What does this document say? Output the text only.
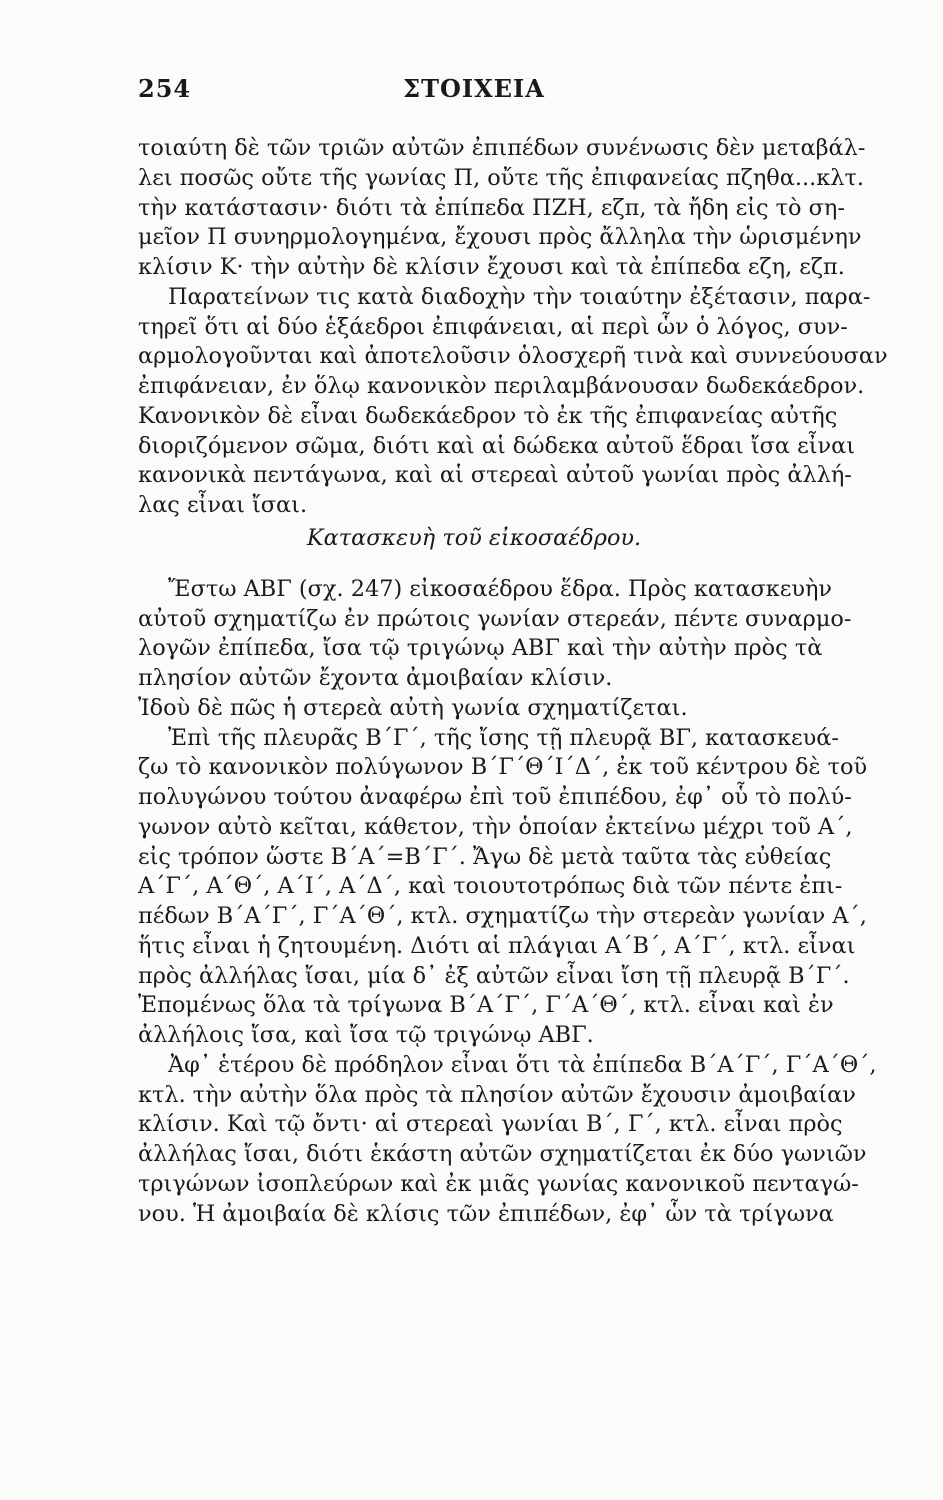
254	ΣΤΟΙΧΕΙΑ
τοιαύτη δὲ τῶν τριῶν αὐτῶν ἐπιπέδων συνένωσις δὲν μεταβάλ-
λει ποσῶς οὔτε τῆς γωνίας Π, οὔτε τῆς ἐπιφανείας πζηθα...κλτ.
τὴν κατάστασιν· διότι τὰ ἐπίπεδα ΠΖΗ, εζπ, τὰ ἤδη εἰς τὸ ση-
μεῖον Π συνηρμολογημένα, ἔχουσι πρὸς ἄλληλα τὴν ὡρισμένην
κλίσιν Κ· τὴν αὐτὴν δὲ κλίσιν ἔχουσι καὶ τὰ ἐπίπεδα εζη, εζπ.
Παρατείνων τις κατὰ διαδοχὴν τὴν τοιαύτην ἐξέτασιν, παρα-
τηρεῖ ὅτι αἱ δύο ἑξάεδροι ἐπιφάνειαι, αἱ περὶ ὧν ὁ λόγος, συν-
αρμολογοῦνται καὶ ἀποτελοῦσιν ὁλοσχερῆ τινὰ καὶ συννεύουσαν
ἐπιφάνειαν, ἐν ὅλῳ κανονικὸν περιλαμβάνουσαν δωδεκάεδρον.
Κανονικὸν δὲ εἶναι δωδεκάεδρον τὸ ἐκ τῆς ἐπιφανείας αὐτῆς
διοριζόμενον σῶμα, διότι καὶ αἱ δώδεκα αὐτοῦ ἕδραι ἴσα εἶναι
κανονικὰ πεντάγωνα, καὶ αἱ στερεαὶ αὐτοῦ γωνίαι πρὸς ἀλλή-
λας εἶναι ἴσαι.
Κατασκευὴ τοῦ εἰκοσαέδρου.
Ἔστω ΑΒΓ (σχ. 247) εἰκοσαέδρου ἕδρα. Πρὸς κατασκευὴν
αὐτοῦ σχηματίζω ἐν πρώτοις γωνίαν στερεάν, πέντε συναρμο-
λογῶν ἐπίπεδα, ἴσα τῷ τριγώνῳ ΑΒΓ καὶ τὴν αὐτὴν πρὸς τὰ
πλησίον αὐτῶν ἔχοντα ἀμοιβαίαν κλίσιν.
Ἰδοὺ δὲ πῶς ἡ στερεὰ αὐτὴ γωνία σχηματίζεται.
Ἐπὶ τῆς πλευρᾶς Β΄Γ΄, τῆς ἴσης τῇ πλευρᾷ ΒΓ, κατασκευά-
ζω τὸ κανονικὸν πολύγωνον Β΄Γ΄Θ΄Ι΄Δ΄, ἐκ τοῦ κέντρου δὲ τοῦ
πολυγώνου τούτου ἀναφέρω ἐπὶ τοῦ ἐπιπέδου, ἐφ᾽ οὗ τὸ πολύ-
γωνον αὐτὸ κεῖται, κάθετον, τὴν ὁποίαν ἐκτείνω μέχρι τοῦ Α΄,
εἰς τρόπον ὥστε Β΄Α΄=Β΄Γ΄. Ἄγω δὲ μετὰ ταῦτα τὰς εὐθείας
Α΄Γ΄, Α΄Θ΄, Α΄Ι΄, Α΄Δ΄, καὶ τοιουτοτρόπως διὰ τῶν πέντε ἐπι-
πέδων Β΄Α΄Γ΄, Γ΄Α΄Θ΄, κτλ. σχηματίζω τὴν στερεὰν γωνίαν Α΄,
ἥτις εἶναι ἡ ζητουμένη. Διότι αἱ πλάγιαι Α΄Β΄, Α΄Γ΄, κτλ. εἶναι
πρὸς ἀλλήλας ἴσαι, μία δ᾽ ἐξ αὐτῶν εἶναι ἴση τῇ πλευρᾷ Β΄Γ΄.
Ἐπομένως ὅλα τὰ τρίγωνα Β΄Α΄Γ΄, Γ΄Α΄Θ΄, κτλ. εἶναι καὶ ἐν
ἀλλήλοις ἴσα, καὶ ἴσα τῷ τριγώνῳ ΑΒΓ.
Ἀφ᾽ ἑτέρου δὲ πρόδηλον εἶναι ὅτι τὰ ἐπίπεδα Β΄Α΄Γ΄, Γ΄Α΄Θ΄,
κτλ. τὴν αὐτὴν ὅλα πρὸς τὰ πλησίον αὐτῶν ἔχουσιν ἀμοιβαίαν
κλίσιν. Καὶ τῷ ὄντι· αἱ στερεαὶ γωνίαι Β΄, Γ΄, κτλ. εἶναι πρὸς
ἀλλήλας ἴσαι, διότι ἑκάστη αὐτῶν σχηματίζεται ἐκ δύο γωνιῶν
τριγώνων ἰσοπλεύρων καὶ ἐκ μιᾶς γωνίας κανονικοῦ πενταγώ-
νου. Ἡ ἀμοιβαία δὲ κλίσις τῶν ἐπιπέδων, ἐφ᾽ ὧν τὰ τρίγωνα
